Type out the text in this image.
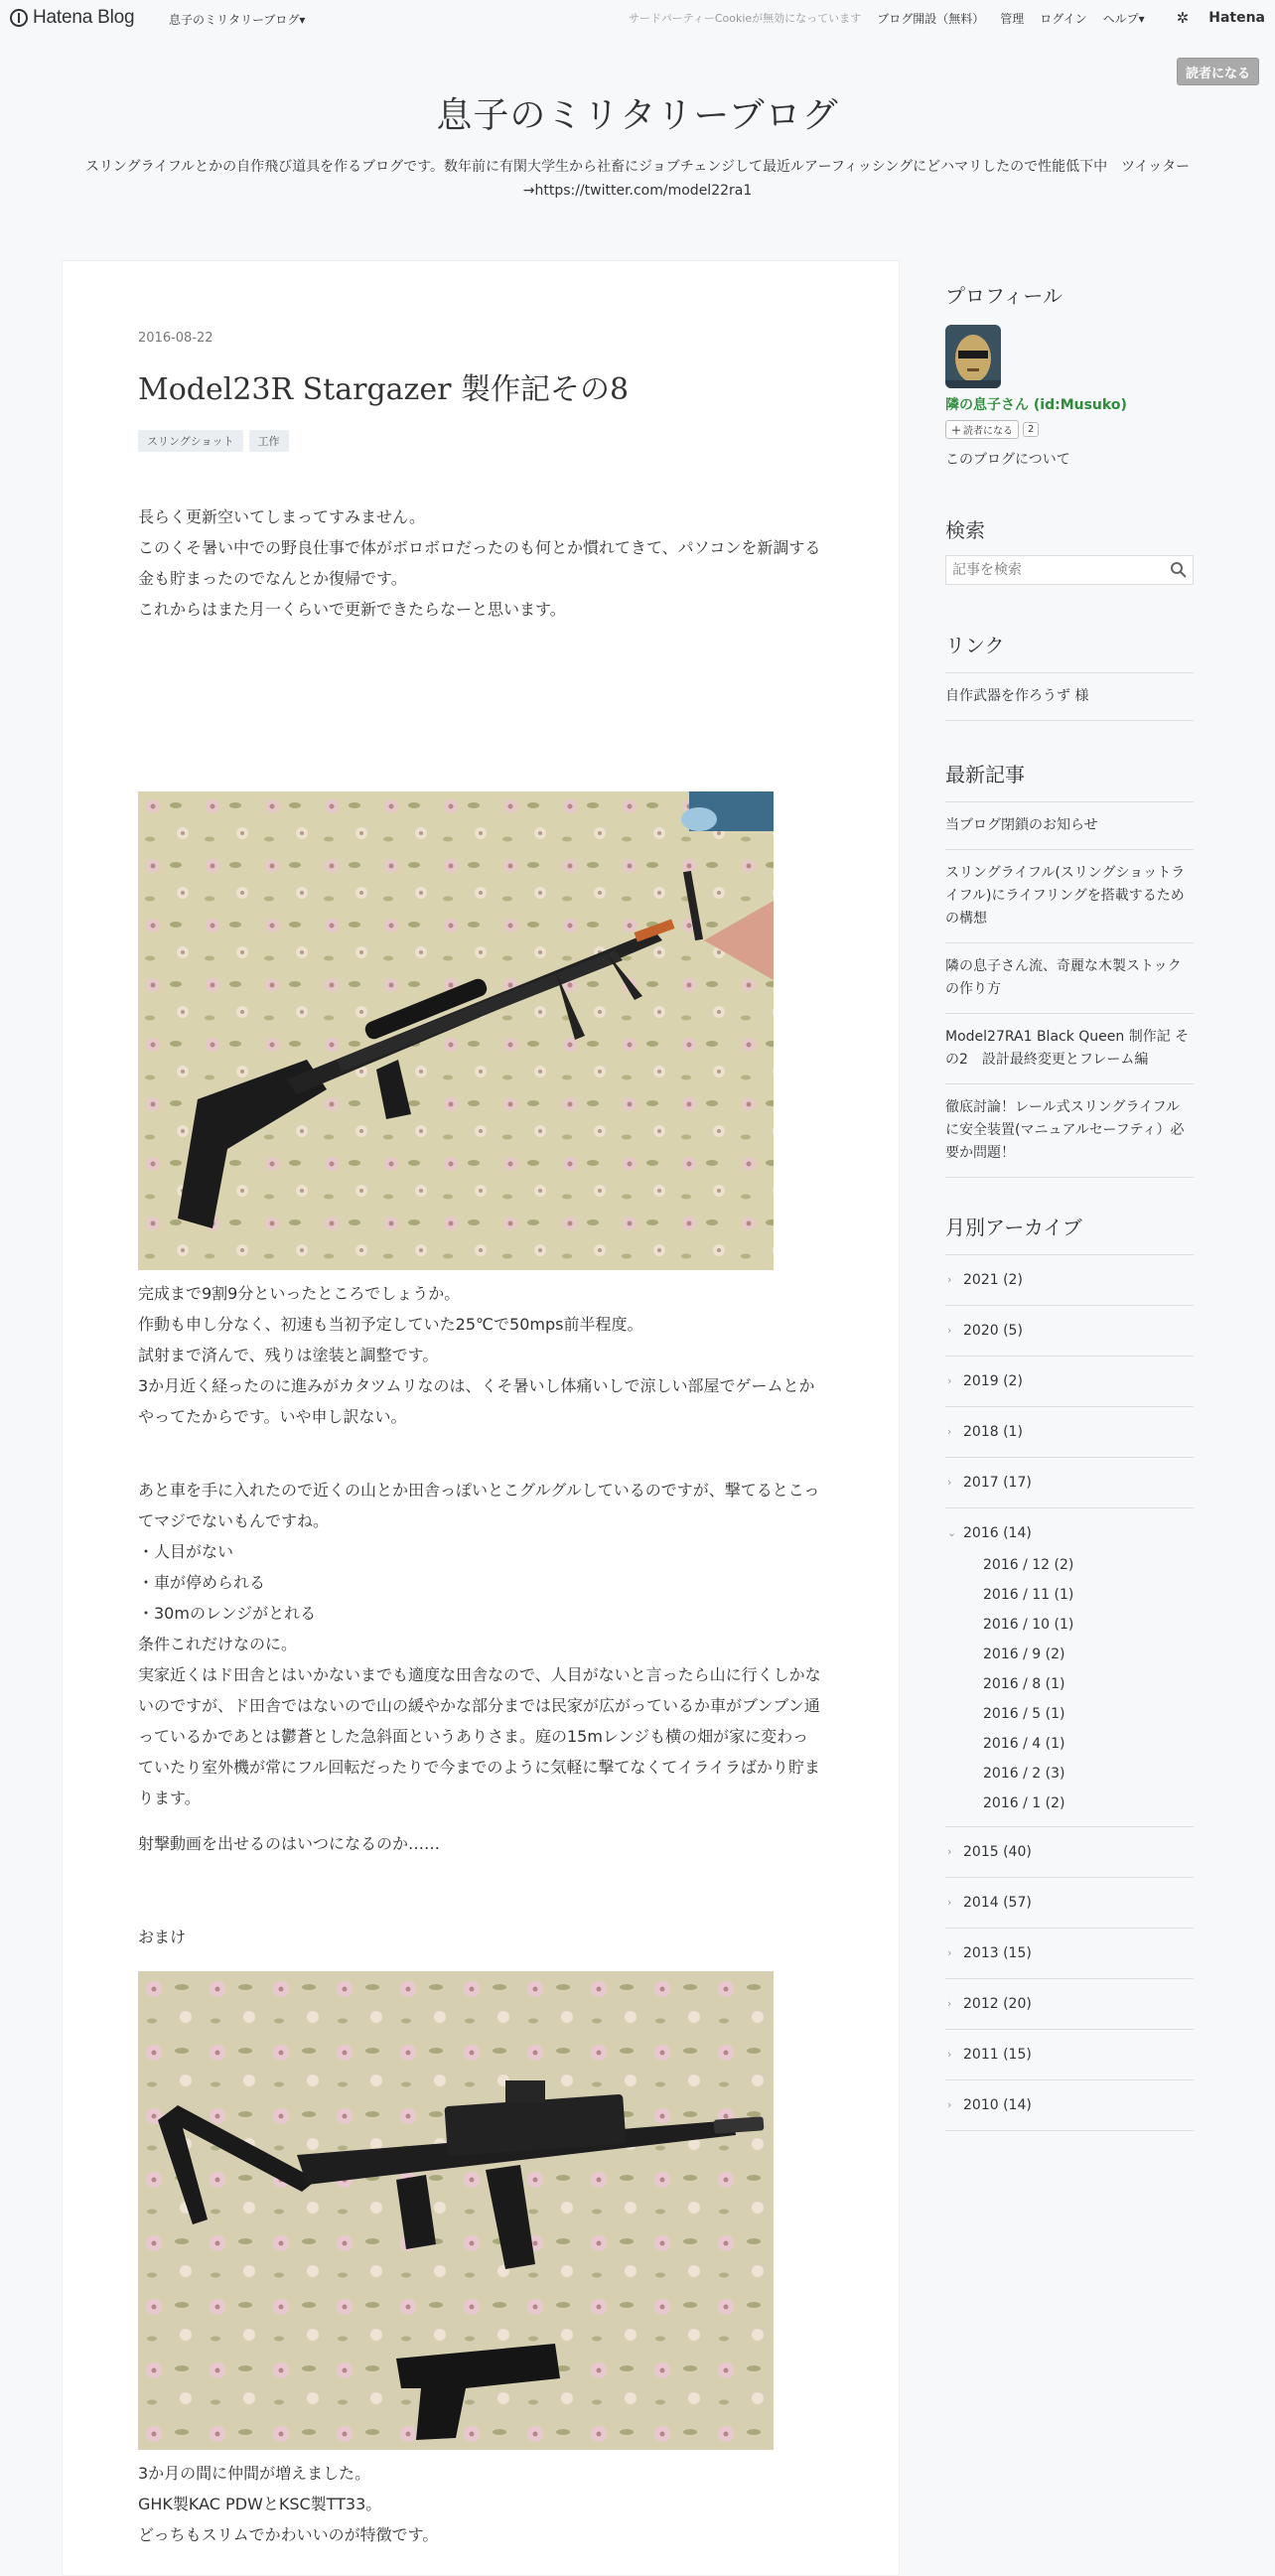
Hatena Blog	息子のミリタリーブログ▾	サードパーティーCookieが無効になっています ブログ開設（無料） 管理 ログイン ヘルプ▾ ✲ Hatena
読者になる
息子のミリタリーブログ
スリングライフルとかの自作飛び道具を作るブログです。数年前に有閑大学生から社畜にジョブチェンジして最近ルアーフィッシングにどハマリしたので性能低下中　ツイッター→https://twitter.com/model22ra1
2016-08-22
Model23R Stargazer 製作記その8
スリングショット	工作

長らく更新空いてしまってすみません。

このくそ暑い中での野良仕事で体がボロボロだったのも何とか慣れてきて、パソコンを新調する金も貯まったのでなんとか復帰です。

これからはまた月一くらいで更新できたらなーと思います。

完成まで9割9分といったところでしょうか。

作動も申し分なく、初速も当初予定していた25℃で50mps前半程度。

試射まで済んで、残りは塗装と調整です。

3か月近く経ったのに進みがカタツムリなのは、くそ暑いし体痛いしで涼しい部屋でゲームとかやってたからです。いや申し訳ない。

あと車を手に入れたので近くの山とか田舎っぽいとこグルグルしているのですが、撃てるとこってマジでないもんですね。

・人目がない

・車が停められる

・30mのレンジがとれる

条件これだけなのに。

実家近くはド田舎とはいかないまでも適度な田舎なので、人目がないと言ったら山に行くしかないのですが、ド田舎ではないので山の緩やかな部分までは民家が広がっているか車がブンブン通っているかであとは鬱蒼とした急斜面というありさま。庭の15mレンジも横の畑が家に変わっていたり室外機が常にフル回転だったりで今までのように気軽に撃てなくてイライラばかり貯まります。

射撃動画を出せるのはいつになるのか……

おまけ

3か月の間に仲間が増えました。

GHK製KAC PDWとKSC製TT33。

どっちもスリムでかわいいのが特徴です。

プロフィール
隣の息子さん (id:Musuko)
＋ 読者になる	2
このブログについて
検索
記事を検索
リンク
自作武器を作ろうず 様
最新記事
当ブログ閉鎖のお知らせ
スリングライフル(スリングショットライフル)にライフリングを搭載するための構想
隣の息子さん流、奇麗な木製ストックの作り方
Model27RA1 Black Queen 制作記 その2　設計最終変更とフレーム編
徹底討論！レール式スリングライフルに安全装置(マニュアルセーフティ）必要か問題！
月別アーカイブ
› 2021 (2)
› 2020 (5)
› 2019 (2)
› 2018 (1)
› 2017 (17)
⌄ 2016 (14)
2016 / 12 (2)
2016 / 11 (1)
2016 / 10 (1)
2016 / 9 (2)
2016 / 8 (1)
2016 / 5 (1)
2016 / 4 (1)
2016 / 2 (3)
2016 / 1 (2)
› 2015 (40)
› 2014 (57)
› 2013 (15)
› 2012 (20)
› 2011 (15)
› 2010 (14)
